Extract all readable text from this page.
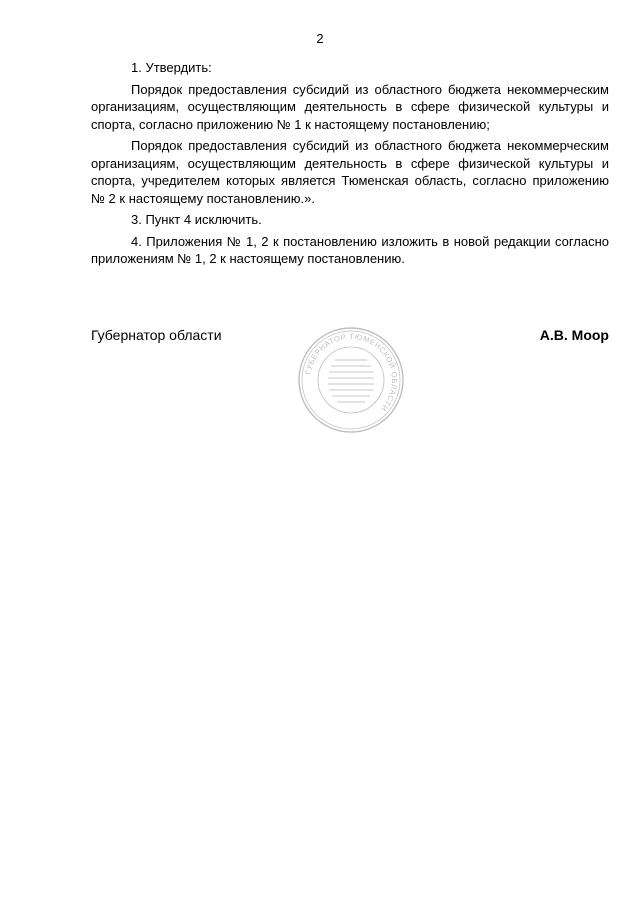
2

1. Утвердить:

Порядок предоставления субсидий из областного бюджета некоммерческим организациям, осуществляющим деятельность в сфере физической культуры и спорта, согласно приложению № 1 к настоящему постановлению;

Порядок предоставления субсидий из областного бюджета некоммерческим организациям, осуществляющим деятельность в сфере физической культуры и спорта, учредителем которых является Тюменская область, согласно приложению № 2 к настоящему постановлению.».

3. Пункт 4 исключить.

4. Приложения № 1, 2 к постановлению изложить в новой редакции согласно приложениям № 1, 2 к настоящему постановлению.

Губернатор области	А.В. Моор
ГУБЕРНАТОР ТЮМЕНСКОЙ ОБЛАСТИ
